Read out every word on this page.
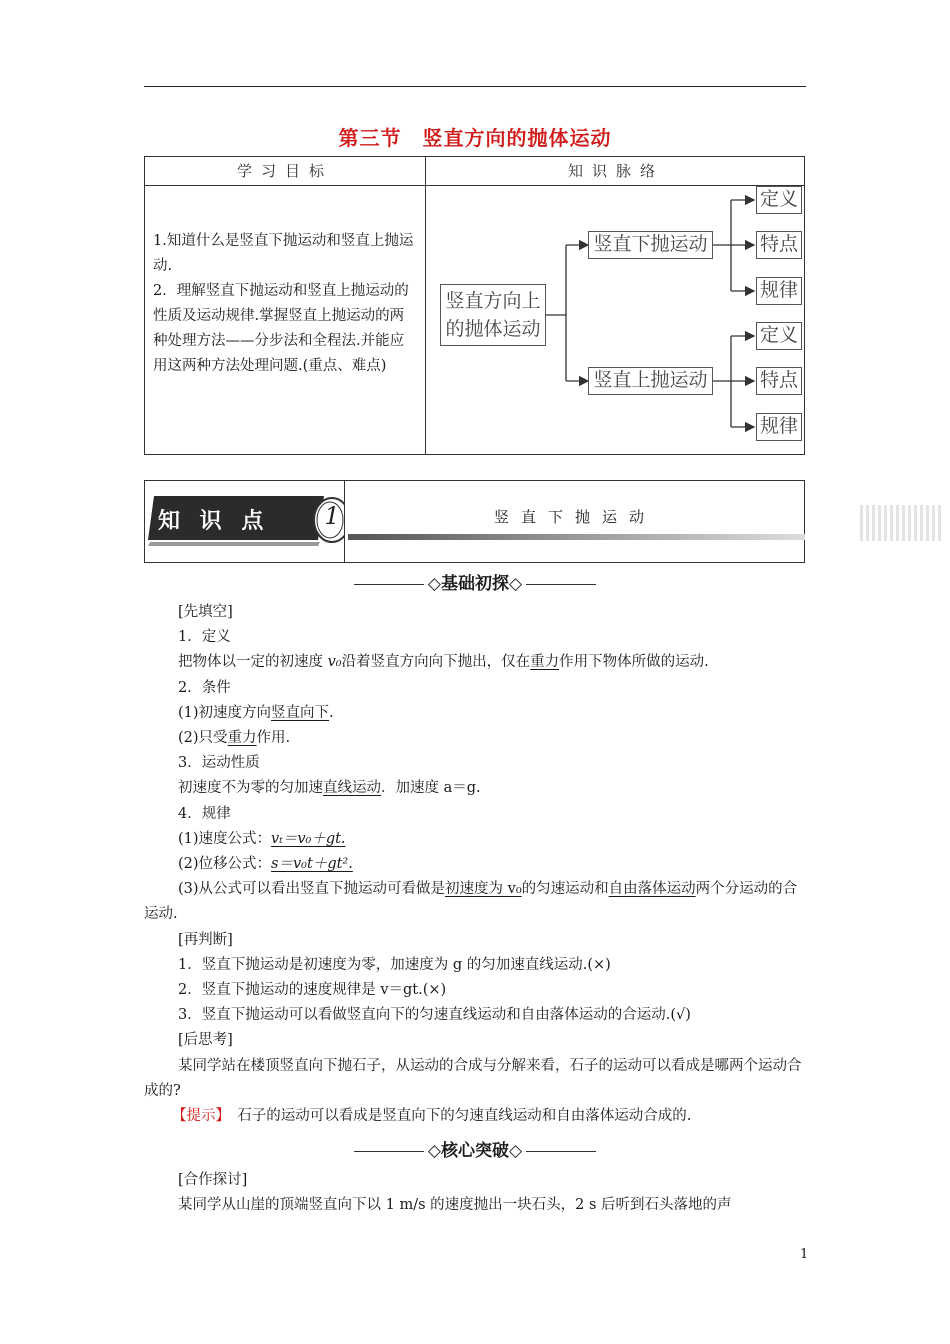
第三节　竖直方向的抛体运动
学习目标	知识脉络
1.知道什么是竖直下抛运动和竖直上抛运动.
2．理解竖直下抛运动和竖直上抛运动的性质及运动规律.掌握竖直上抛运动的两种处理方法——分步法和全程法.并能应用这两种方法处理问题.(重点、难点)
竖直方向上的抛体运动
竖直下抛运动
竖直上抛运动
定义
特点
规律
定义
特点
规律
知 识 点	1	竖直下抛运动
◇基础初探◇

[先填空]

1．定义

把物体以一定的初速度 v₀沿着竖直方向向下抛出，仅在重力作用下物体所做的运动.

2．条件

(1)初速度方向竖直向下.

(2)只受重力作用.

3．运动性质

初速度不为零的匀加速直线运动．加速度 a＝g.

4．规律

(1)速度公式：vₜ＝v₀＋gt.

(2)位移公式：s＝v₀t＋gt².

(3)从公式可以看出竖直下抛运动可看做是初速度为 v₀的匀速运动和自由落体运动两个分运动的合运动.

[再判断]

1．竖直下抛运动是初速度为零，加速度为 g 的匀加速直线运动.(×)

2．竖直下抛运动的速度规律是 v＝gt.(×)

3．竖直下抛运动可以看做竖直向下的匀速直线运动和自由落体运动的合运动.(√)

[后思考]

某同学站在楼顶竖直向下抛石子，从运动的合成与分解来看，石子的运动可以看成是哪两个运动合成的?

【提示】　 石子的运动可以看成是竖直向下的匀速直线运动和自由落体运动合成的.

◇核心突破◇

[合作探讨]

某同学从山崖的顶端竖直向下以 1 m/s 的速度抛出一块石头，2 s 后听到石头落地的声

1
